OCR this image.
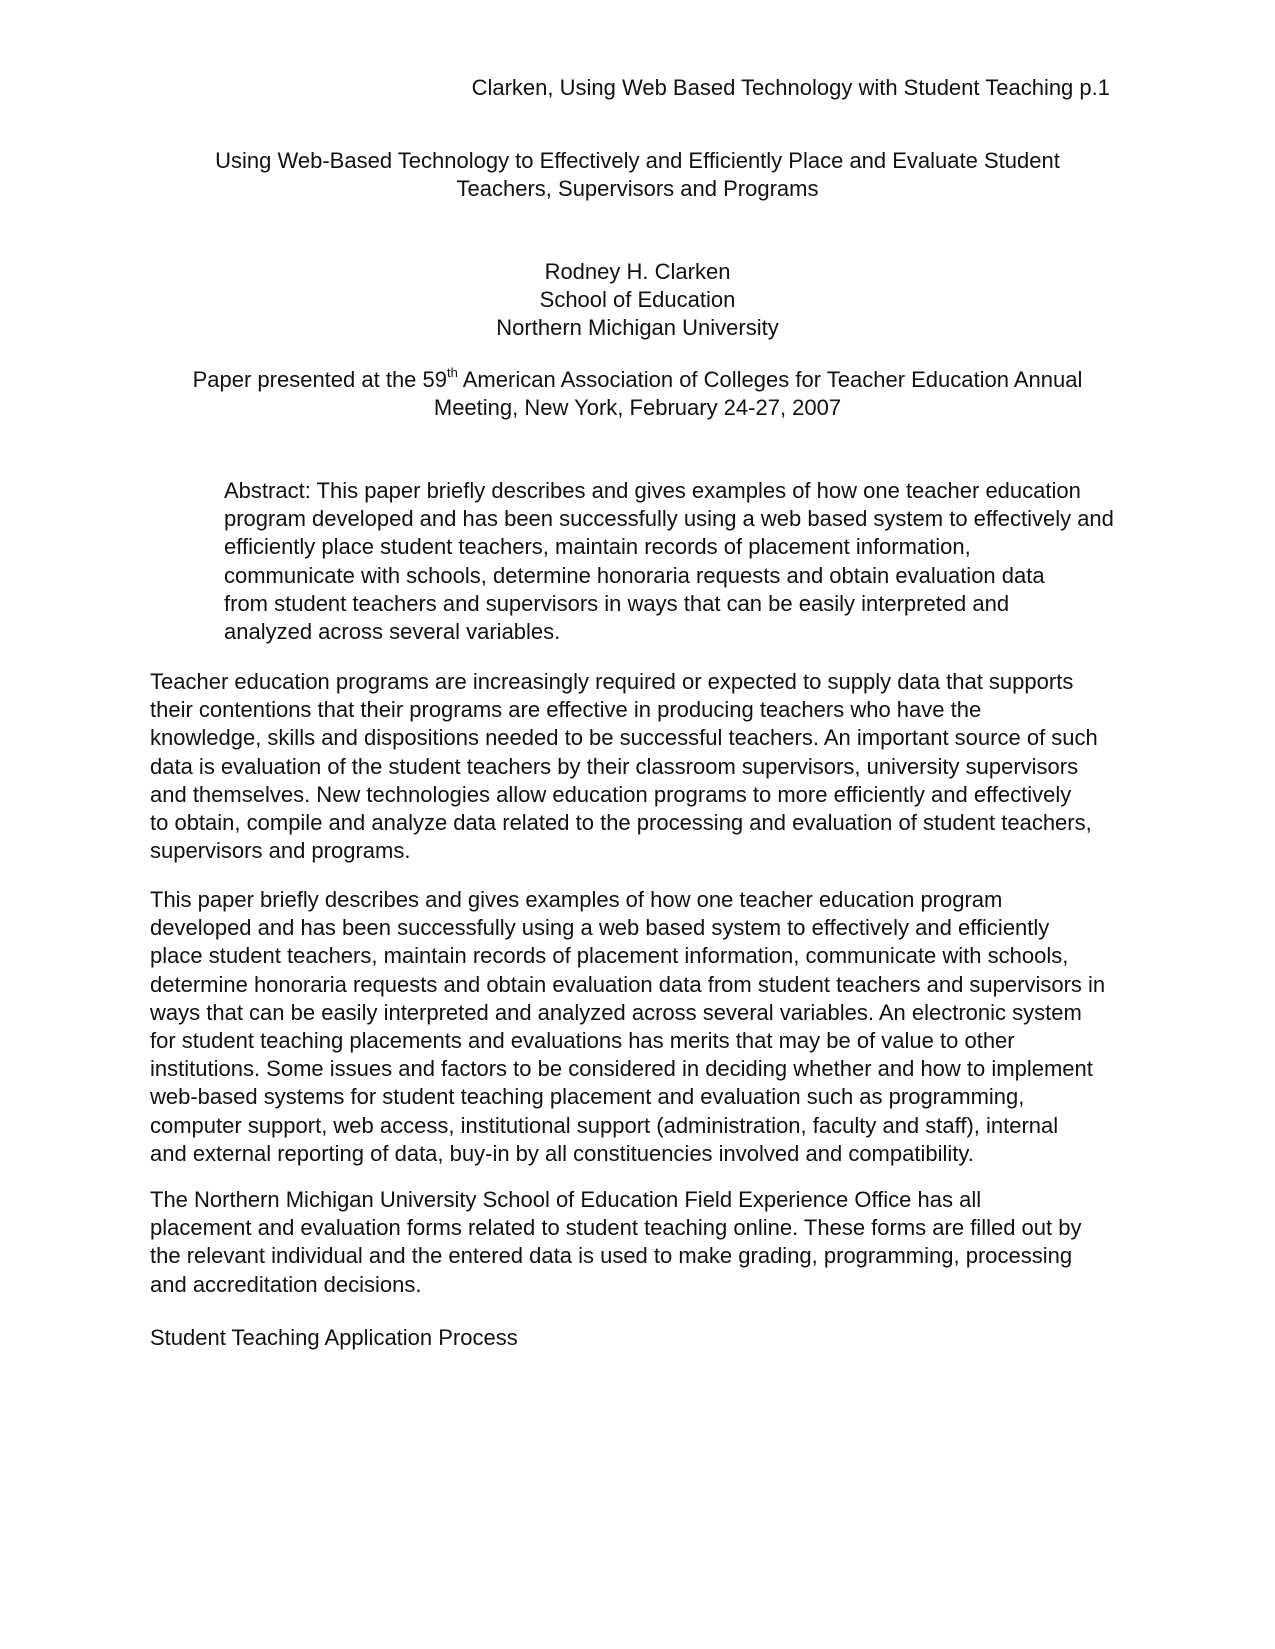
Clarken, Using Web Based Technology with Student Teaching p.1
Using Web-Based Technology to Effectively and Efficiently Place and Evaluate Student
Teachers, Supervisors and Programs
Rodney H. Clarken
School of Education
Northern Michigan University
Paper presented at the 59th American Association of Colleges for Teacher Education Annual
Meeting, New York, February 24-27, 2007
Abstract: This paper briefly describes and gives examples of how one teacher education
program developed and has been successfully using a web based system to effectively and
efficiently place student teachers, maintain records of placement information,
communicate with schools, determine honoraria requests and obtain evaluation data
from student teachers and supervisors in ways that can be easily interpreted and
analyzed across several variables.
Teacher education programs are increasingly required or expected to supply data that supports
their contentions that their programs are effective in producing teachers who have the
knowledge, skills and dispositions needed to be successful teachers. An important source of such
data is evaluation of the student teachers by their classroom supervisors, university supervisors
and themselves. New technologies allow education programs to more efficiently and effectively
to obtain, compile and analyze data related to the processing and evaluation of student teachers,
supervisors and programs.
This paper briefly describes and gives examples of how one teacher education program
developed and has been successfully using a web based system to effectively and efficiently
place student teachers, maintain records of placement information, communicate with schools,
determine honoraria requests and obtain evaluation data from student teachers and supervisors in
ways that can be easily interpreted and analyzed across several variables. An electronic system
for student teaching placements and evaluations has merits that may be of value to other
institutions. Some issues and factors to be considered in deciding whether and how to implement
web-based systems for student teaching placement and evaluation such as programming,
computer support, web access, institutional support (administration, faculty and staff), internal
and external reporting of data, buy-in by all constituencies involved and compatibility.
The Northern Michigan University School of Education Field Experience Office has all
placement and evaluation forms related to student teaching online. These forms are filled out by
the relevant individual and the entered data is used to make grading, programming, processing
and accreditation decisions.
Student Teaching Application Process
